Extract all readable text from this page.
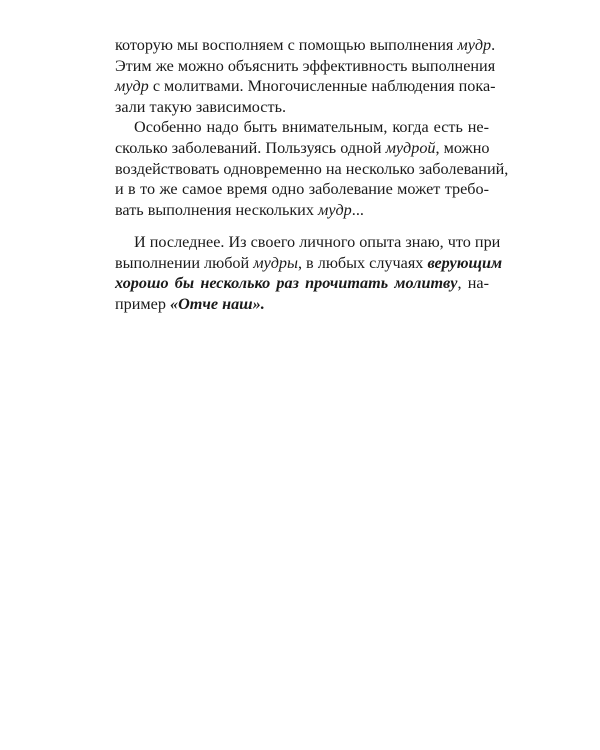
которую мы восполняем с помощью выполнения мудр.
Этим же можно объяснить эффективность выполнения
мудр с молитвами. Многочисленные наблюдения пока-
зали такую зависимость.
Особенно надо быть внимательным, когда есть не-
сколько заболеваний. Пользуясь одной мудрой, можно
воздействовать одновременно на несколько заболеваний,
и в то же самое время одно заболевание может требо-
вать выполнения нескольких мудр...
И последнее. Из своего личного опыта знаю, что при
выполнении любой мудры, в любых случаях верующим
хорошо бы несколько раз прочитать молитву, на-
пример «Отче наш».
